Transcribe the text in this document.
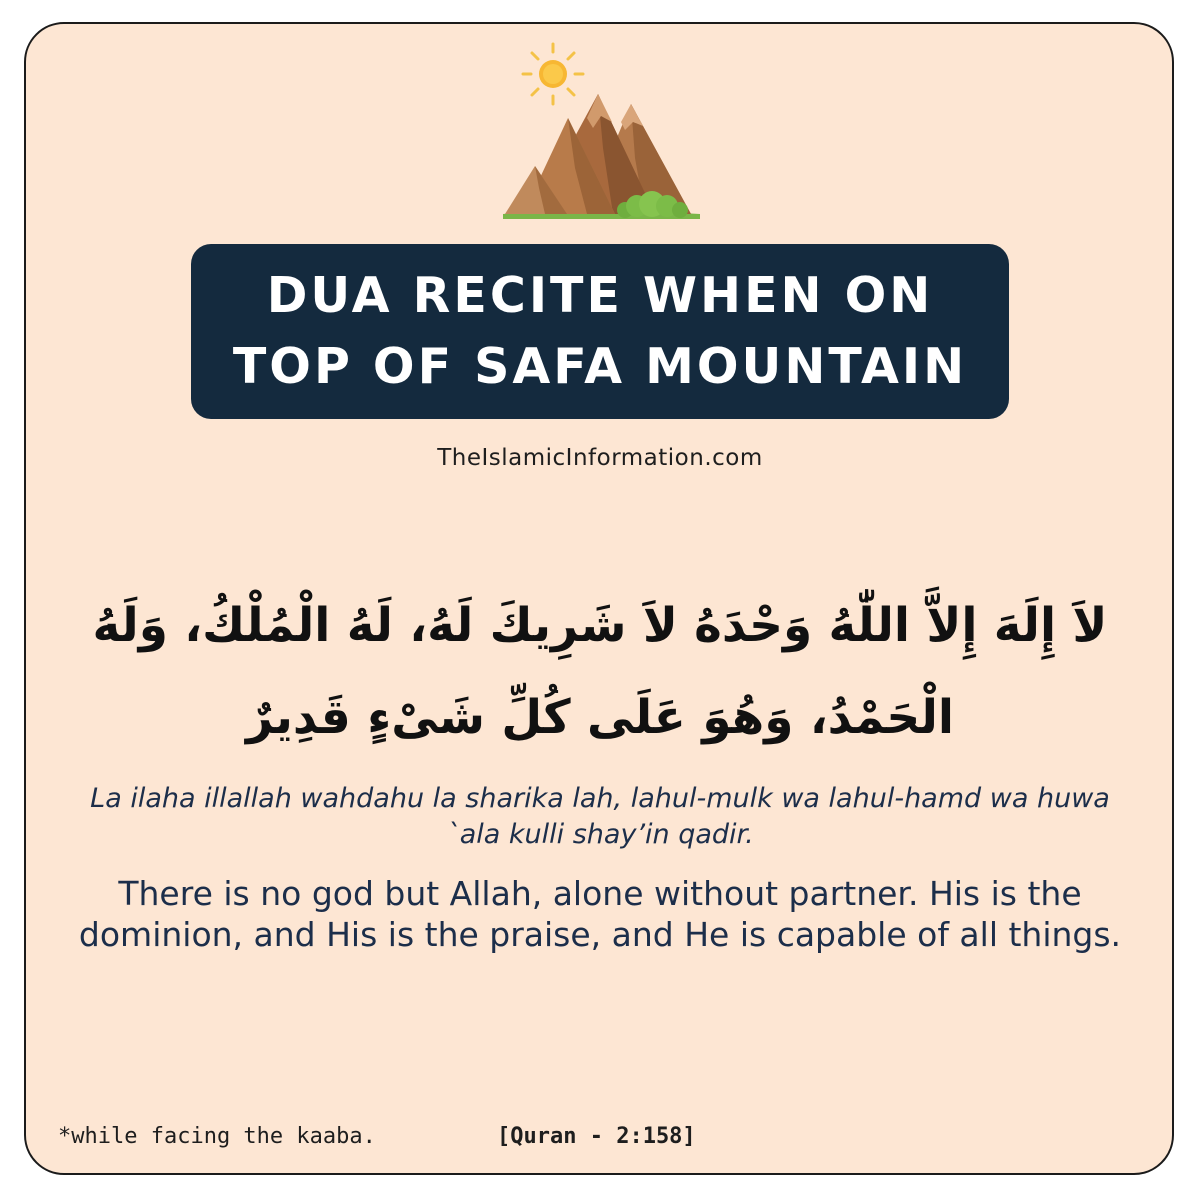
DUA RECITE WHEN ON
TOP OF SAFA MOUNTAIN
TheIslamicInformation.com
لاَ إِلَهَ إِلاَّ اللّٰهُ وَحْدَهُ لاَ شَرِيكَ لَهُ، لَهُ الْمُلْكُ، وَلَهُ الْحَمْدُ، وَهُوَ عَلَى كُلِّ شَىْءٍ قَدِيرٌ
La ilaha illallah wahdahu la sharika lah, lahul-mulk wa lahul-hamd wa huwa `ala kulli shay’in qadir.
There is no god but Allah, alone without partner. His is the dominion, and His is the praise, and He is capable of all things.
*while facing the kaaba.	[Quran - 2:158]
